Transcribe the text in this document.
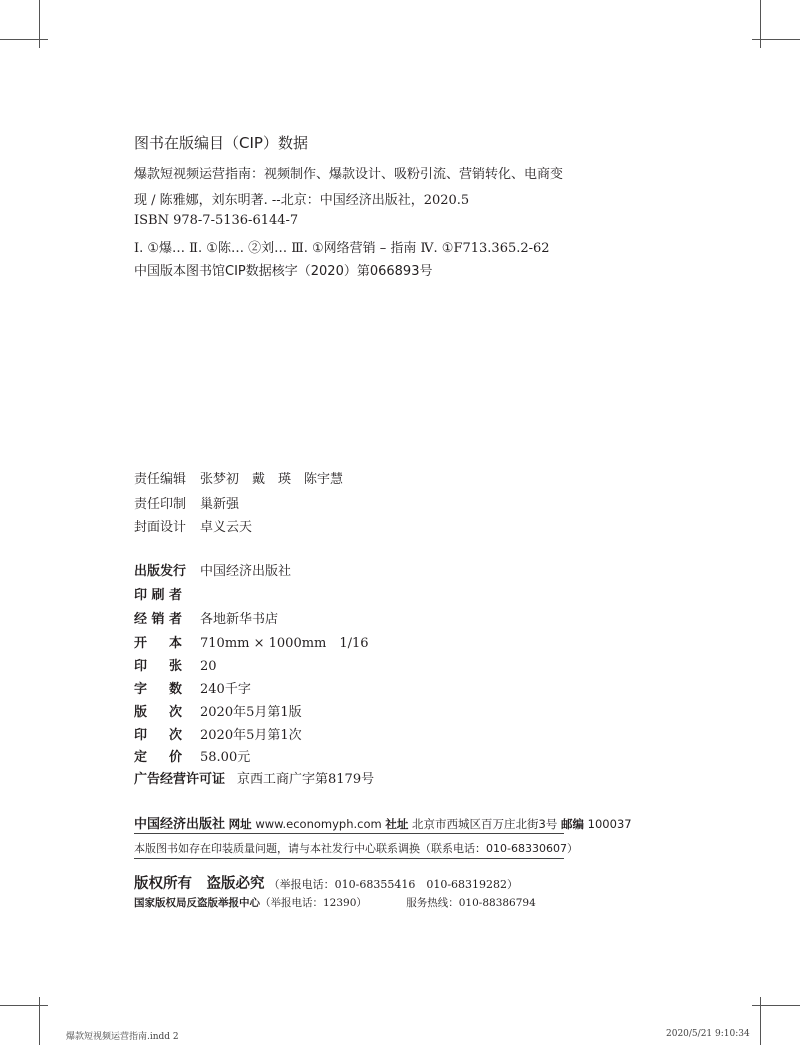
图书在版编目（CIP）数据
爆款短视频运营指南：视频制作、爆款设计、吸粉引流、营销转化、电商变
现 / 陈雅娜，刘东明著. --北京：中国经济出版社，2020.5
ISBN 978-7-5136-6144-7
Ⅰ. ①爆… Ⅱ. ①陈… ②刘… Ⅲ. ①网络营销 – 指南 Ⅳ. ①F713.365.2-62
中国版本图书馆CIP数据核字（2020）第066893号
责任编辑 张梦初　戴　瑛　陈宇慧
责任印制 巢新强
封面设计 卓义云天
出版发行 中国经济出版社
印刷者
经销者 各地新华书店
开本 710mm × 1000mm　1/16
印张 20
字数 240千字
版次 2020年5月第1版
印次 2020年5月第1次
定价 58.00元
广告经营许可证 京西工商广字第8179号
中国经济出版社 网址 www.economyph.com 社址 北京市西城区百万庄北街3号 邮编 100037
本版图书如存在印装质量问题，请与本社发行中心联系调换（联系电话：010-68330607）
版权所有　盗版必究 （举报电话：010-68355416　010-68319282）
国家版权局反盗版举报中心（举报电话：12390）	服务热线：010-88386794
爆款短视频运营指南.indd 2	2020/5/21 9:10:34
